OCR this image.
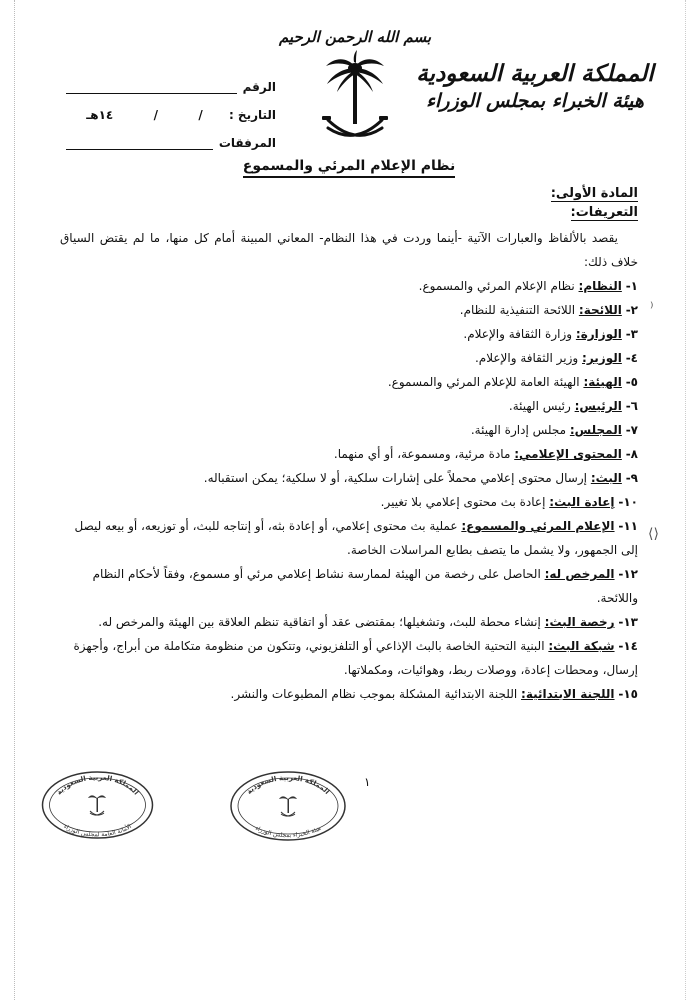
بسم الله الرحمن الرحيم
المملكة العربية السعودية
هيئة الخبراء بمجلس الوزراء
الرقم
التاريخ :
/
/
١٤هـ
المرفقات
نظام الإعلام المرئي والمسموع
المادة الأولى:
التعريفات:

يقصد بالألفاظ والعبارات الآتية -أينما وردت في هذا النظام- المعاني المبينة أمام كل منها، ما لم يقتض السياق خلاف ذلك:

١- النظام: نظام الإعلام المرئي والمسموع.
٢- اللائحة: اللائحة التنفيذية للنظام.
٣- الوزارة: وزارة الثقافة والإعلام.
٤- الوزير: وزير الثقافة والإعلام.
٥- الهيئة: الهيئة العامة للإعلام المرئي والمسموع.
٦- الرئيس: رئيس الهيئة.
٧- المجلس: مجلس إدارة الهيئة.
٨- المحتوى الإعلامي: مادة مرئية، ومسموعة، أو أي منهما.
٩- البث: إرسال محتوى إعلامي محملاً على إشارات سلكية، أو لا سلكية؛ يمكن استقباله.
١٠- إعادة البث: إعادة بث محتوى إعلامي بلا تغيير.
١١- الإعلام المرئي والمسموع: عملية بث محتوى إعلامي، أو إعادة بثه، أو إنتاجه للبث، أو توزيعه، أو بيعه ليصل إلى الجمهور، ولا يشمل ما يتصف بطابع المراسلات الخاصة.
١٢- المرخص له: الحاصل على رخصة من الهيئة لممارسة نشاط إعلامي مرئي أو مسموع، وفقاً لأحكام النظام واللائحة.
١٣- رخصة البث: إنشاء محطة للبث، وتشغيلها؛ بمقتضى عقد أو اتفاقية تنظم العلاقة بين الهيئة والمرخص له.
١٤- شبكة البث: البنية التحتية الخاصة بالبث الإذاعي أو التلفزيوني، وتتكون من منظومة متكاملة من أبراج، وأجهزة إرسال، ومحطات إعادة، ووصلات ربط، وهوائيات، ومكملاتها.
١٥- اللجنة الابتدائية: اللجنة الابتدائية المشكلة بموجب نظام المطبوعات والنشر.
⁽
⟨⟩
المملكة العربية السعودية
الأمانة العامة لمجلس الوزراء
المملكة العربية السعودية
هيئة الخبراء بمجلس الوزراء
١
